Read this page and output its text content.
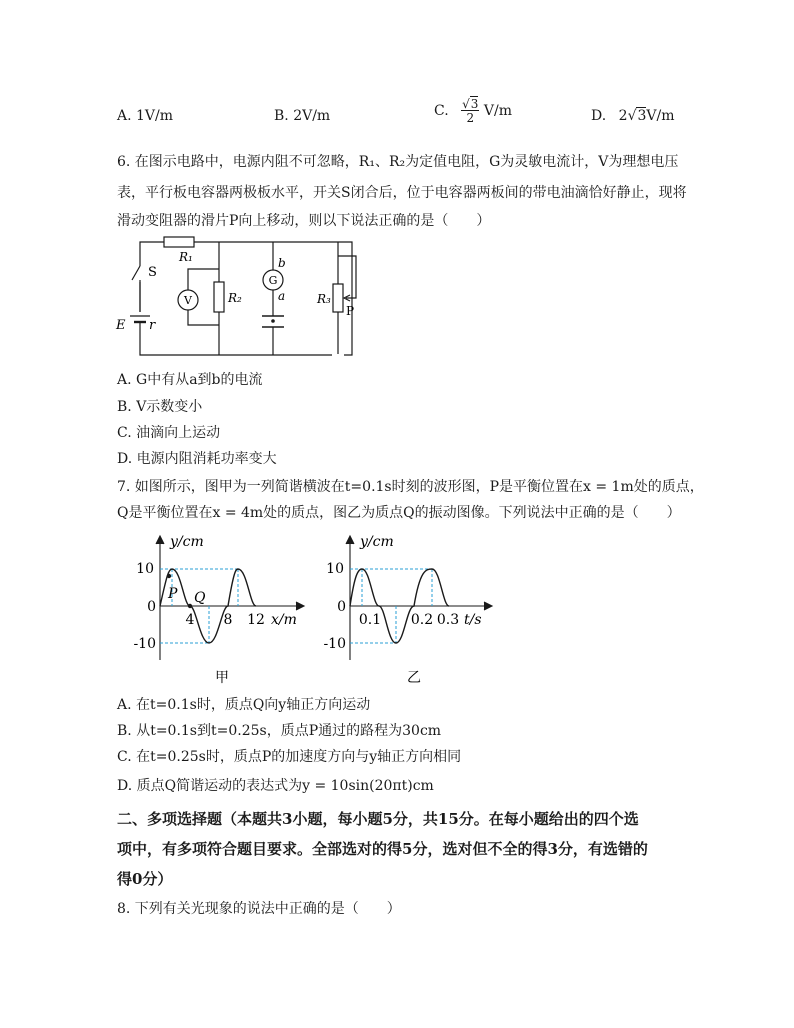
A. 1V/m	B. 2V/m	C. $\frac{√3}{2} V/m$	D. 2√3V/m
6. 在图示电路中，电源内阻不可忽略，R₁、R₂为定值电阻，G为灵敏电流计，V为理想电压
表，平行板电容器两极板水平，开关S闭合后，位于电容器两板间的带电油滴恰好静止，现将
滑动变阻器的滑片P向上移动，则以下说法正确的是（　　）
R₁
R₂	R₃
S
E r
V
G
b
a
P
A. G中有从a到b的电流
B. V示数变小
C. 油滴向上运动
D. 电源内阻消耗功率变大
7. 如图所示，图甲为一列简谐横波在t=0.1s时刻的波形图，P是平衡位置在x = 1m处的质点，
Q是平衡位置在x = 4m处的质点，图乙为质点Q的振动图像。下列说法中正确的是（　　）
y/cm
10
0
-10
P Q
4 8 12 x/m
甲
y/cm
10
0
-10
0.1 0.2 0.3 t/s
乙
A. 在t=0.1s时，质点Q向y轴正方向运动
B. 从t=0.1s到t=0.25s，质点P通过的路程为30cm
C. 在t=0.25s时，质点P的加速度方向与y轴正方向相同
D. 质点Q简谐运动的表达式为y = 10sin(20πt)cm
二、多项选择题（本题共3小题，每小题5分，共15分。在每小题给出的四个选
项中，有多项符合题目要求。全部选对的得5分，选对但不全的得3分，有选错的
得0分）
8. 下列有关光现象的说法中正确的是（　　）
